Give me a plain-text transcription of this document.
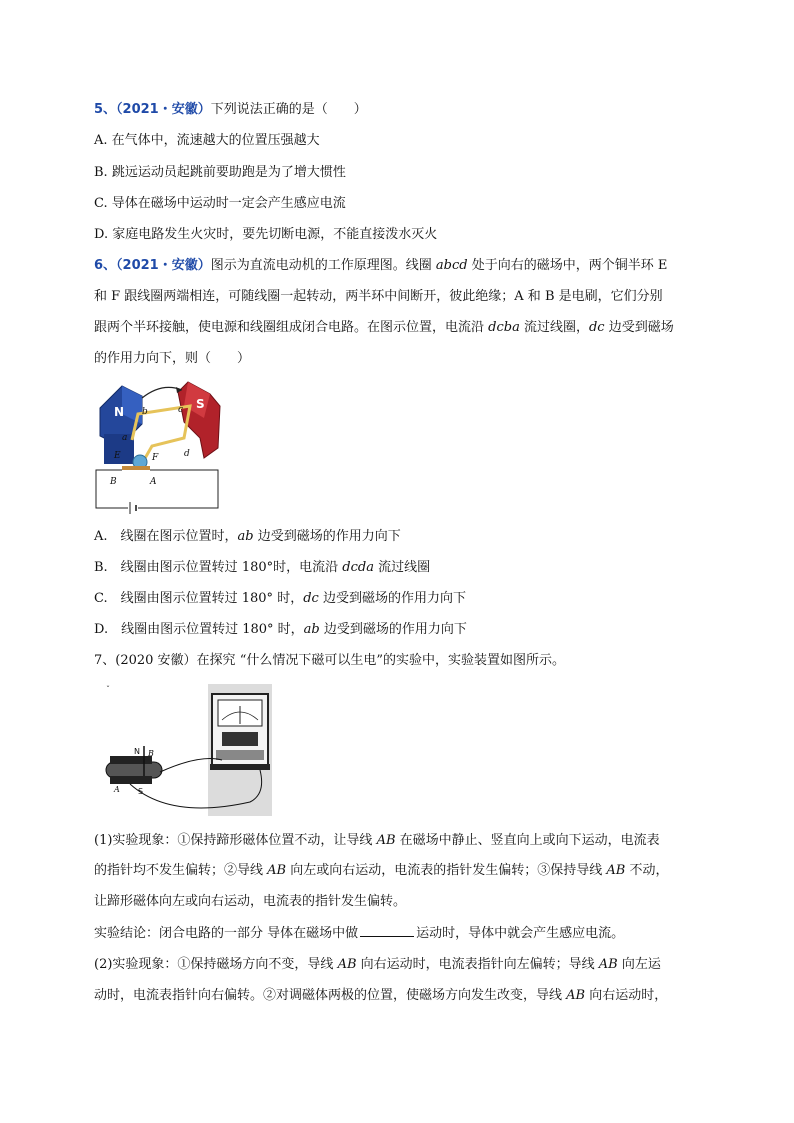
5、（2021・安徽）下列说法正确的是（　　）
A. 在气体中，流速越大的位置压强越大
B. 跳远运动员起跳前要助跑是为了增大惯性
C. 导体在磁场中运动时一定会产生感应电流
D. 家庭电路发生火灾时，要先切断电源，不能直接泼水灭火
6、（2021・安徽）图示为直流电动机的工作原理图。线圈 abcd 处于向右的磁场中，两个铜半环 E
和 F 跟线圈两端相连，可随线圈一起转动，两半环中间断开，彼此绝缘；A 和 B 是电刷，它们分别
跟两个半环接触，使电源和线圈组成闭合电路。在图示位置，电流沿 dcba 流过线圈，dc 边受到磁场
的作用力向下，则（　　）
N
S
b	c
a
d
E	F
B	A
A.　线圈在图示位置时，ab 边受到磁场的作用力向下
B.　线圈由图示位置转过 180°时，电流沿 dcda 流过线圈
C.　线圈由图示位置转过 180° 时，dc 边受到磁场的作用力向下
D.　线圈由图示位置转过 180° 时，ab 边受到磁场的作用力向下
7、(2020 安徽）在探究 “什么情况下磁可以生电”的实验中，实验装置如图所示。
ˇ
N
S
B
A
(1)实验现象：①保持蹄形磁体位置不动，让导线 AB 在磁场中静止、竖直向上或向下运动，电流表
的指针均不发生偏转；②导线 AB 向左或向右运动，电流表的指针发生偏转；③保持导线 AB 不动，
让蹄形磁体向左或向右运动，电流表的指针发生偏转。
实验结论：闭合电路的一部分 导体在磁场中做	运动时，导体中就会产生感应电流。
(2)实验现象：①保持磁场方向不变，导线 AB 向右运动时，电流表指针向左偏转；导线 AB 向左运
动时，电流表指针向右偏转。②对调磁体两极的位置，使磁场方向发生改变，导线 AB 向右运动时，
